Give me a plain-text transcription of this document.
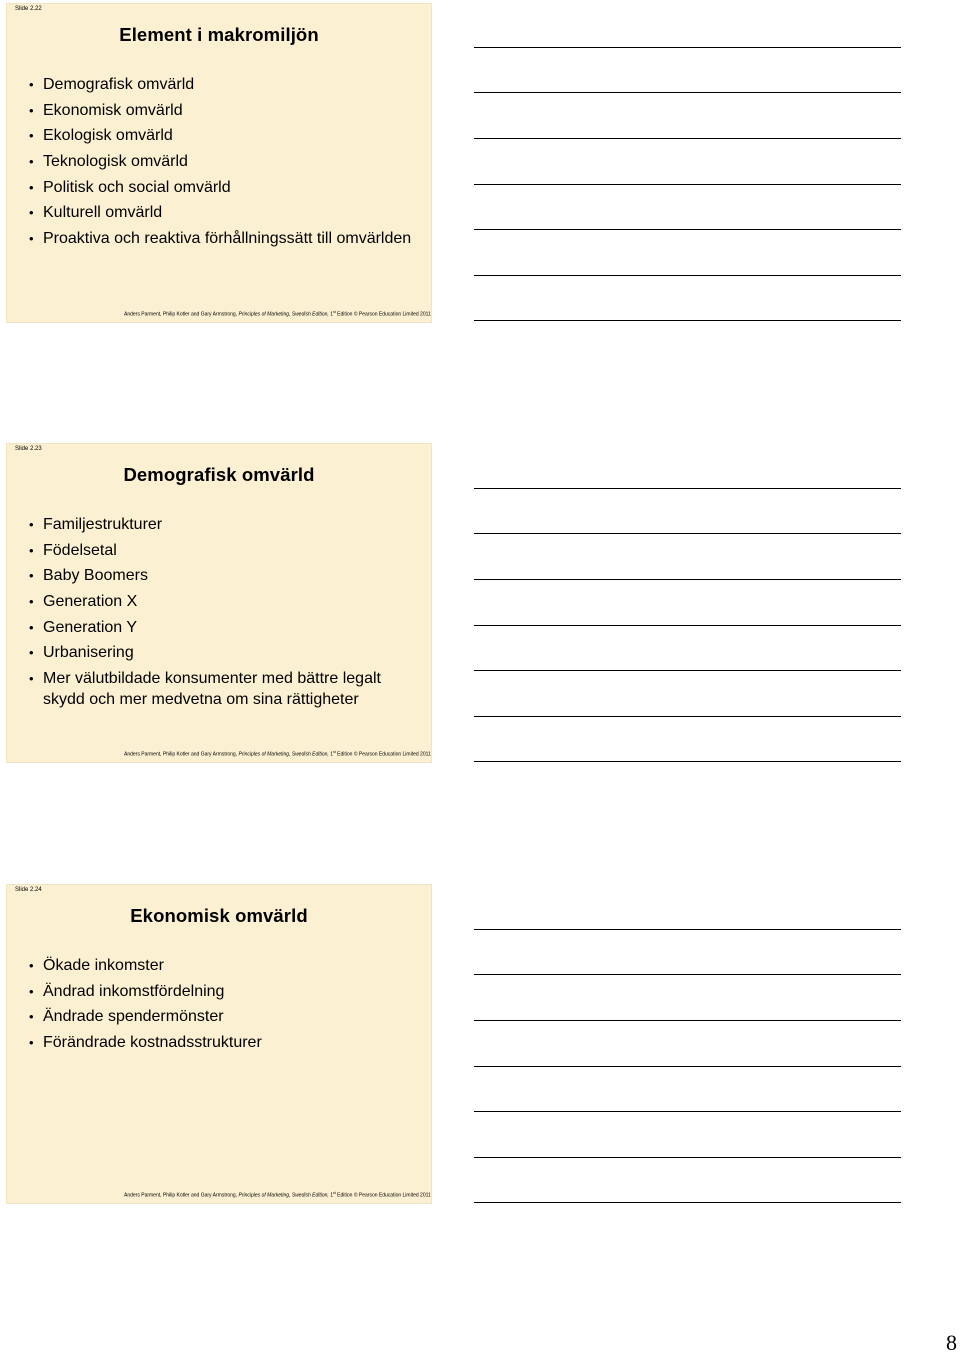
Slide 2.22
Element i makromiljön
• Demografisk omvärld
• Ekonomisk omvärld
• Ekologisk omvärld
• Teknologisk omvärld
• Politisk och social omvärld
• Kulturell omvärld
• Proaktiva och reaktiva förhållningssätt till omvärlden
Anders Parment, Philip Kotler and Gary Armstrong, Principles of Marketing, Swedish Edition, 1st Edition © Pearson Education Limited 2011
Slide 2.23
Demografisk omvärld
• Familjestrukturer
• Födelsetal
• Baby Boomers
• Generation X
• Generation Y
• Urbanisering
• Mer välutbildade konsumenter med bättre legalt skydd och mer medvetna om sina rättigheter
Anders Parment, Philip Kotler and Gary Armstrong, Principles of Marketing, Swedish Edition, 1st Edition © Pearson Education Limited 2011
Slide 2.24
Ekonomisk omvärld
• Ökade inkomster
• Ändrad inkomstfördelning
• Ändrade spendermönster
• Förändrade kostnadsstrukturer
Anders Parment, Philip Kotler and Gary Armstrong, Principles of Marketing, Swedish Edition, 1st Edition © Pearson Education Limited 2011
8
